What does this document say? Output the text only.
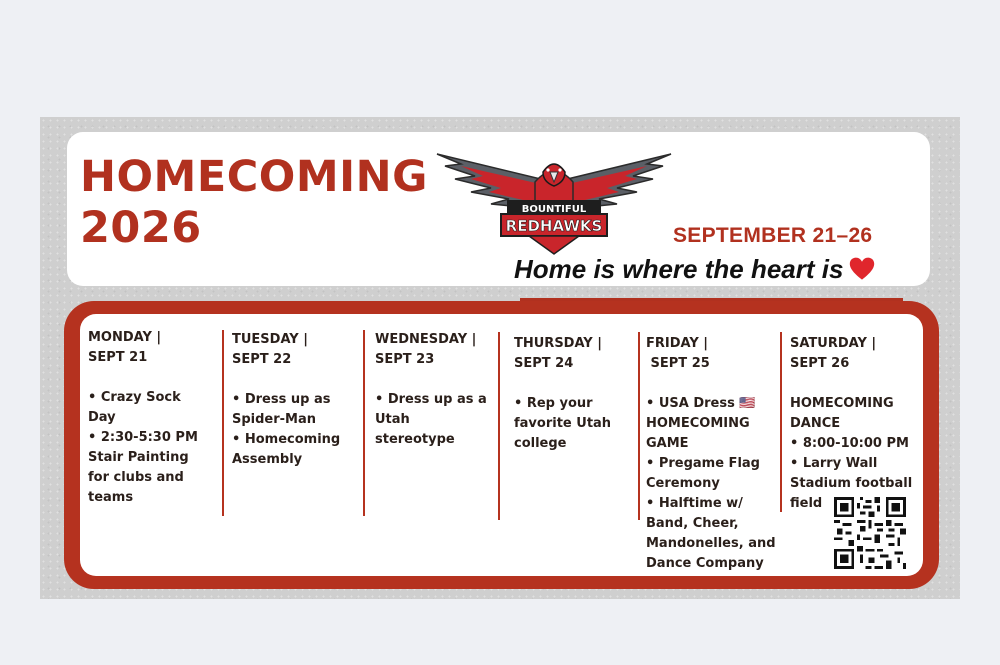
HOMECOMING
2026	BOUNTIFUL
REDHAWKS	SEPTEMBER 21–26
Home is where the heart is
MONDAY |
SEPT 21
• Crazy Sock
Day
• 2:30-5:30 PM
Stair Painting
for clubs and
teams
TUESDAY |
SEPT 22
• Dress up as
Spider-Man
• Homecoming
Assembly
WEDNESDAY |
SEPT 23
• Dress up as a
Utah
stereotype
THURSDAY |
SEPT 24
• Rep your
favorite Utah
college
FRIDAY |
SEPT 25
• USA Dress 🇺🇸
HOMECOMING
GAME
• Pregame Flag
Ceremony
• Halftime w/
Band, Cheer,
Mandonelles, and
Dance Company
SATURDAY |
SEPT 26
HOMECOMING
DANCE
• 8:00-10:00 PM
• Larry Wall
Stadium football
field
